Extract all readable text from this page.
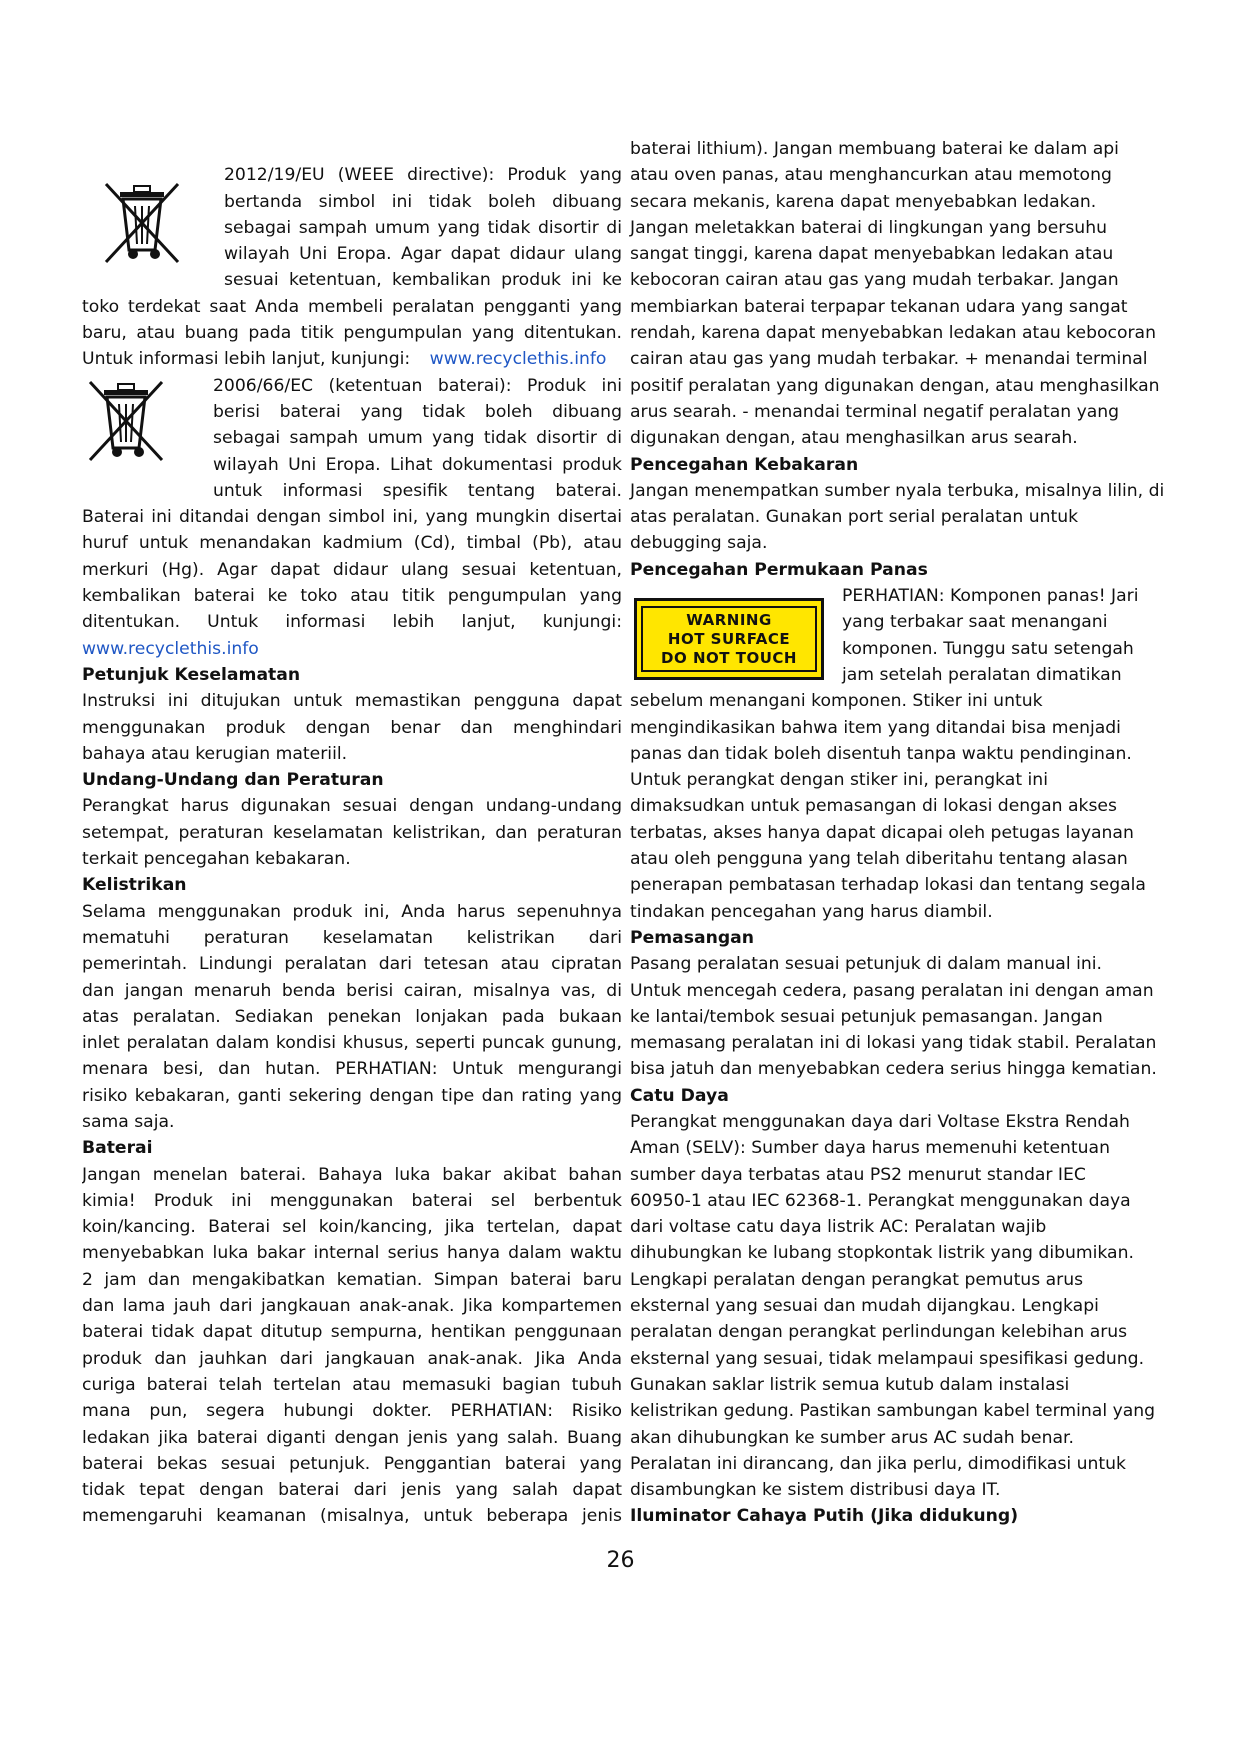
2012/19/EU (WEEE directive): Produk yang
bertanda simbol ini tidak boleh dibuang
sebagai sampah umum yang tidak disortir di
wilayah Uni Eropa. Agar dapat didaur ulang
sesuai ketentuan, kembalikan produk ini ke
toko terdekat saat Anda membeli peralatan pengganti yang
baru, atau buang pada titik pengumpulan yang ditentukan.
Untuk informasi lebih lanjut, kunjungi: www.recyclethis.info
2006/66/EC (ketentuan baterai): Produk ini
berisi baterai yang tidak boleh dibuang
sebagai sampah umum yang tidak disortir di
wilayah Uni Eropa. Lihat dokumentasi produk
untuk informasi spesifik tentang baterai.
Baterai ini ditandai dengan simbol ini, yang mungkin disertai
huruf untuk menandakan kadmium (Cd), timbal (Pb), atau
merkuri (Hg). Agar dapat didaur ulang sesuai ketentuan,
kembalikan baterai ke toko atau titik pengumpulan yang
ditentukan. Untuk informasi lebih lanjut, kunjungi:
www.recyclethis.info
Petunjuk Keselamatan
Instruksi ini ditujukan untuk memastikan pengguna dapat
menggunakan produk dengan benar dan menghindari
bahaya atau kerugian materiil.
Undang-Undang dan Peraturan
Perangkat harus digunakan sesuai dengan undang-undang
setempat, peraturan keselamatan kelistrikan, dan peraturan
terkait pencegahan kebakaran.
Kelistrikan
Selama menggunakan produk ini, Anda harus sepenuhnya
mematuhi peraturan keselamatan kelistrikan dari
pemerintah. Lindungi peralatan dari tetesan atau cipratan
dan jangan menaruh benda berisi cairan, misalnya vas, di
atas peralatan. Sediakan penekan lonjakan pada bukaan
inlet peralatan dalam kondisi khusus, seperti puncak gunung,
menara besi, dan hutan. PERHATIAN: Untuk mengurangi
risiko kebakaran, ganti sekering dengan tipe dan rating yang
sama saja.
Baterai
Jangan menelan baterai. Bahaya luka bakar akibat bahan
kimia! Produk ini menggunakan baterai sel berbentuk
koin/kancing. Baterai sel koin/kancing, jika tertelan, dapat
menyebabkan luka bakar internal serius hanya dalam waktu
2 jam dan mengakibatkan kematian. Simpan baterai baru
dan lama jauh dari jangkauan anak-anak. Jika kompartemen
baterai tidak dapat ditutup sempurna, hentikan penggunaan
produk dan jauhkan dari jangkauan anak-anak. Jika Anda
curiga baterai telah tertelan atau memasuki bagian tubuh
mana pun, segera hubungi dokter. PERHATIAN: Risiko
ledakan jika baterai diganti dengan jenis yang salah. Buang
baterai bekas sesuai petunjuk. Penggantian baterai yang
tidak tepat dengan baterai dari jenis yang salah dapat
memengaruhi keamanan (misalnya, untuk beberapa jenis
baterai lithium). Jangan membuang baterai ke dalam api
atau oven panas, atau menghancurkan atau memotong
secara mekanis, karena dapat menyebabkan ledakan.
Jangan meletakkan baterai di lingkungan yang bersuhu
sangat tinggi, karena dapat menyebabkan ledakan atau
kebocoran cairan atau gas yang mudah terbakar. Jangan
membiarkan baterai terpapar tekanan udara yang sangat
rendah, karena dapat menyebabkan ledakan atau kebocoran
cairan atau gas yang mudah terbakar. + menandai terminal
positif peralatan yang digunakan dengan, atau menghasilkan
arus searah. - menandai terminal negatif peralatan yang
digunakan dengan, atau menghasilkan arus searah.
Pencegahan Kebakaran
Jangan menempatkan sumber nyala terbuka, misalnya lilin, di
atas peralatan. Gunakan port serial peralatan untuk
debugging saja.
Pencegahan Permukaan Panas
PERHATIAN: Komponen panas! Jari
yang terbakar saat menangani
komponen. Tunggu satu setengah
jam setelah peralatan dimatikan
sebelum menangani komponen. Stiker ini untuk
mengindikasikan bahwa item yang ditandai bisa menjadi
panas dan tidak boleh disentuh tanpa waktu pendinginan.
Untuk perangkat dengan stiker ini, perangkat ini
dimaksudkan untuk pemasangan di lokasi dengan akses
terbatas, akses hanya dapat dicapai oleh petugas layanan
atau oleh pengguna yang telah diberitahu tentang alasan
penerapan pembatasan terhadap lokasi dan tentang segala
tindakan pencegahan yang harus diambil.
Pemasangan
Pasang peralatan sesuai petunjuk di dalam manual ini.
Untuk mencegah cedera, pasang peralatan ini dengan aman
ke lantai/tembok sesuai petunjuk pemasangan. Jangan
memasang peralatan ini di lokasi yang tidak stabil. Peralatan
bisa jatuh dan menyebabkan cedera serius hingga kematian.
Catu Daya
Perangkat menggunakan daya dari Voltase Ekstra Rendah
Aman (SELV): Sumber daya harus memenuhi ketentuan
sumber daya terbatas atau PS2 menurut standar IEC
60950-1 atau IEC 62368-1. Perangkat menggunakan daya
dari voltase catu daya listrik AC: Peralatan wajib
dihubungkan ke lubang stopkontak listrik yang dibumikan.
Lengkapi peralatan dengan perangkat pemutus arus
eksternal yang sesuai dan mudah dijangkau. Lengkapi
peralatan dengan perangkat perlindungan kelebihan arus
eksternal yang sesuai, tidak melampaui spesifikasi gedung.
Gunakan saklar listrik semua kutub dalam instalasi
kelistrikan gedung. Pastikan sambungan kabel terminal yang
akan dihubungkan ke sumber arus AC sudah benar.
Peralatan ini dirancang, dan jika perlu, dimodifikasi untuk
disambungkan ke sistem distribusi daya IT.
Iluminator Cahaya Putih (Jika didukung)
WARNING
HOT SURFACE
DO NOT TOUCH
26
